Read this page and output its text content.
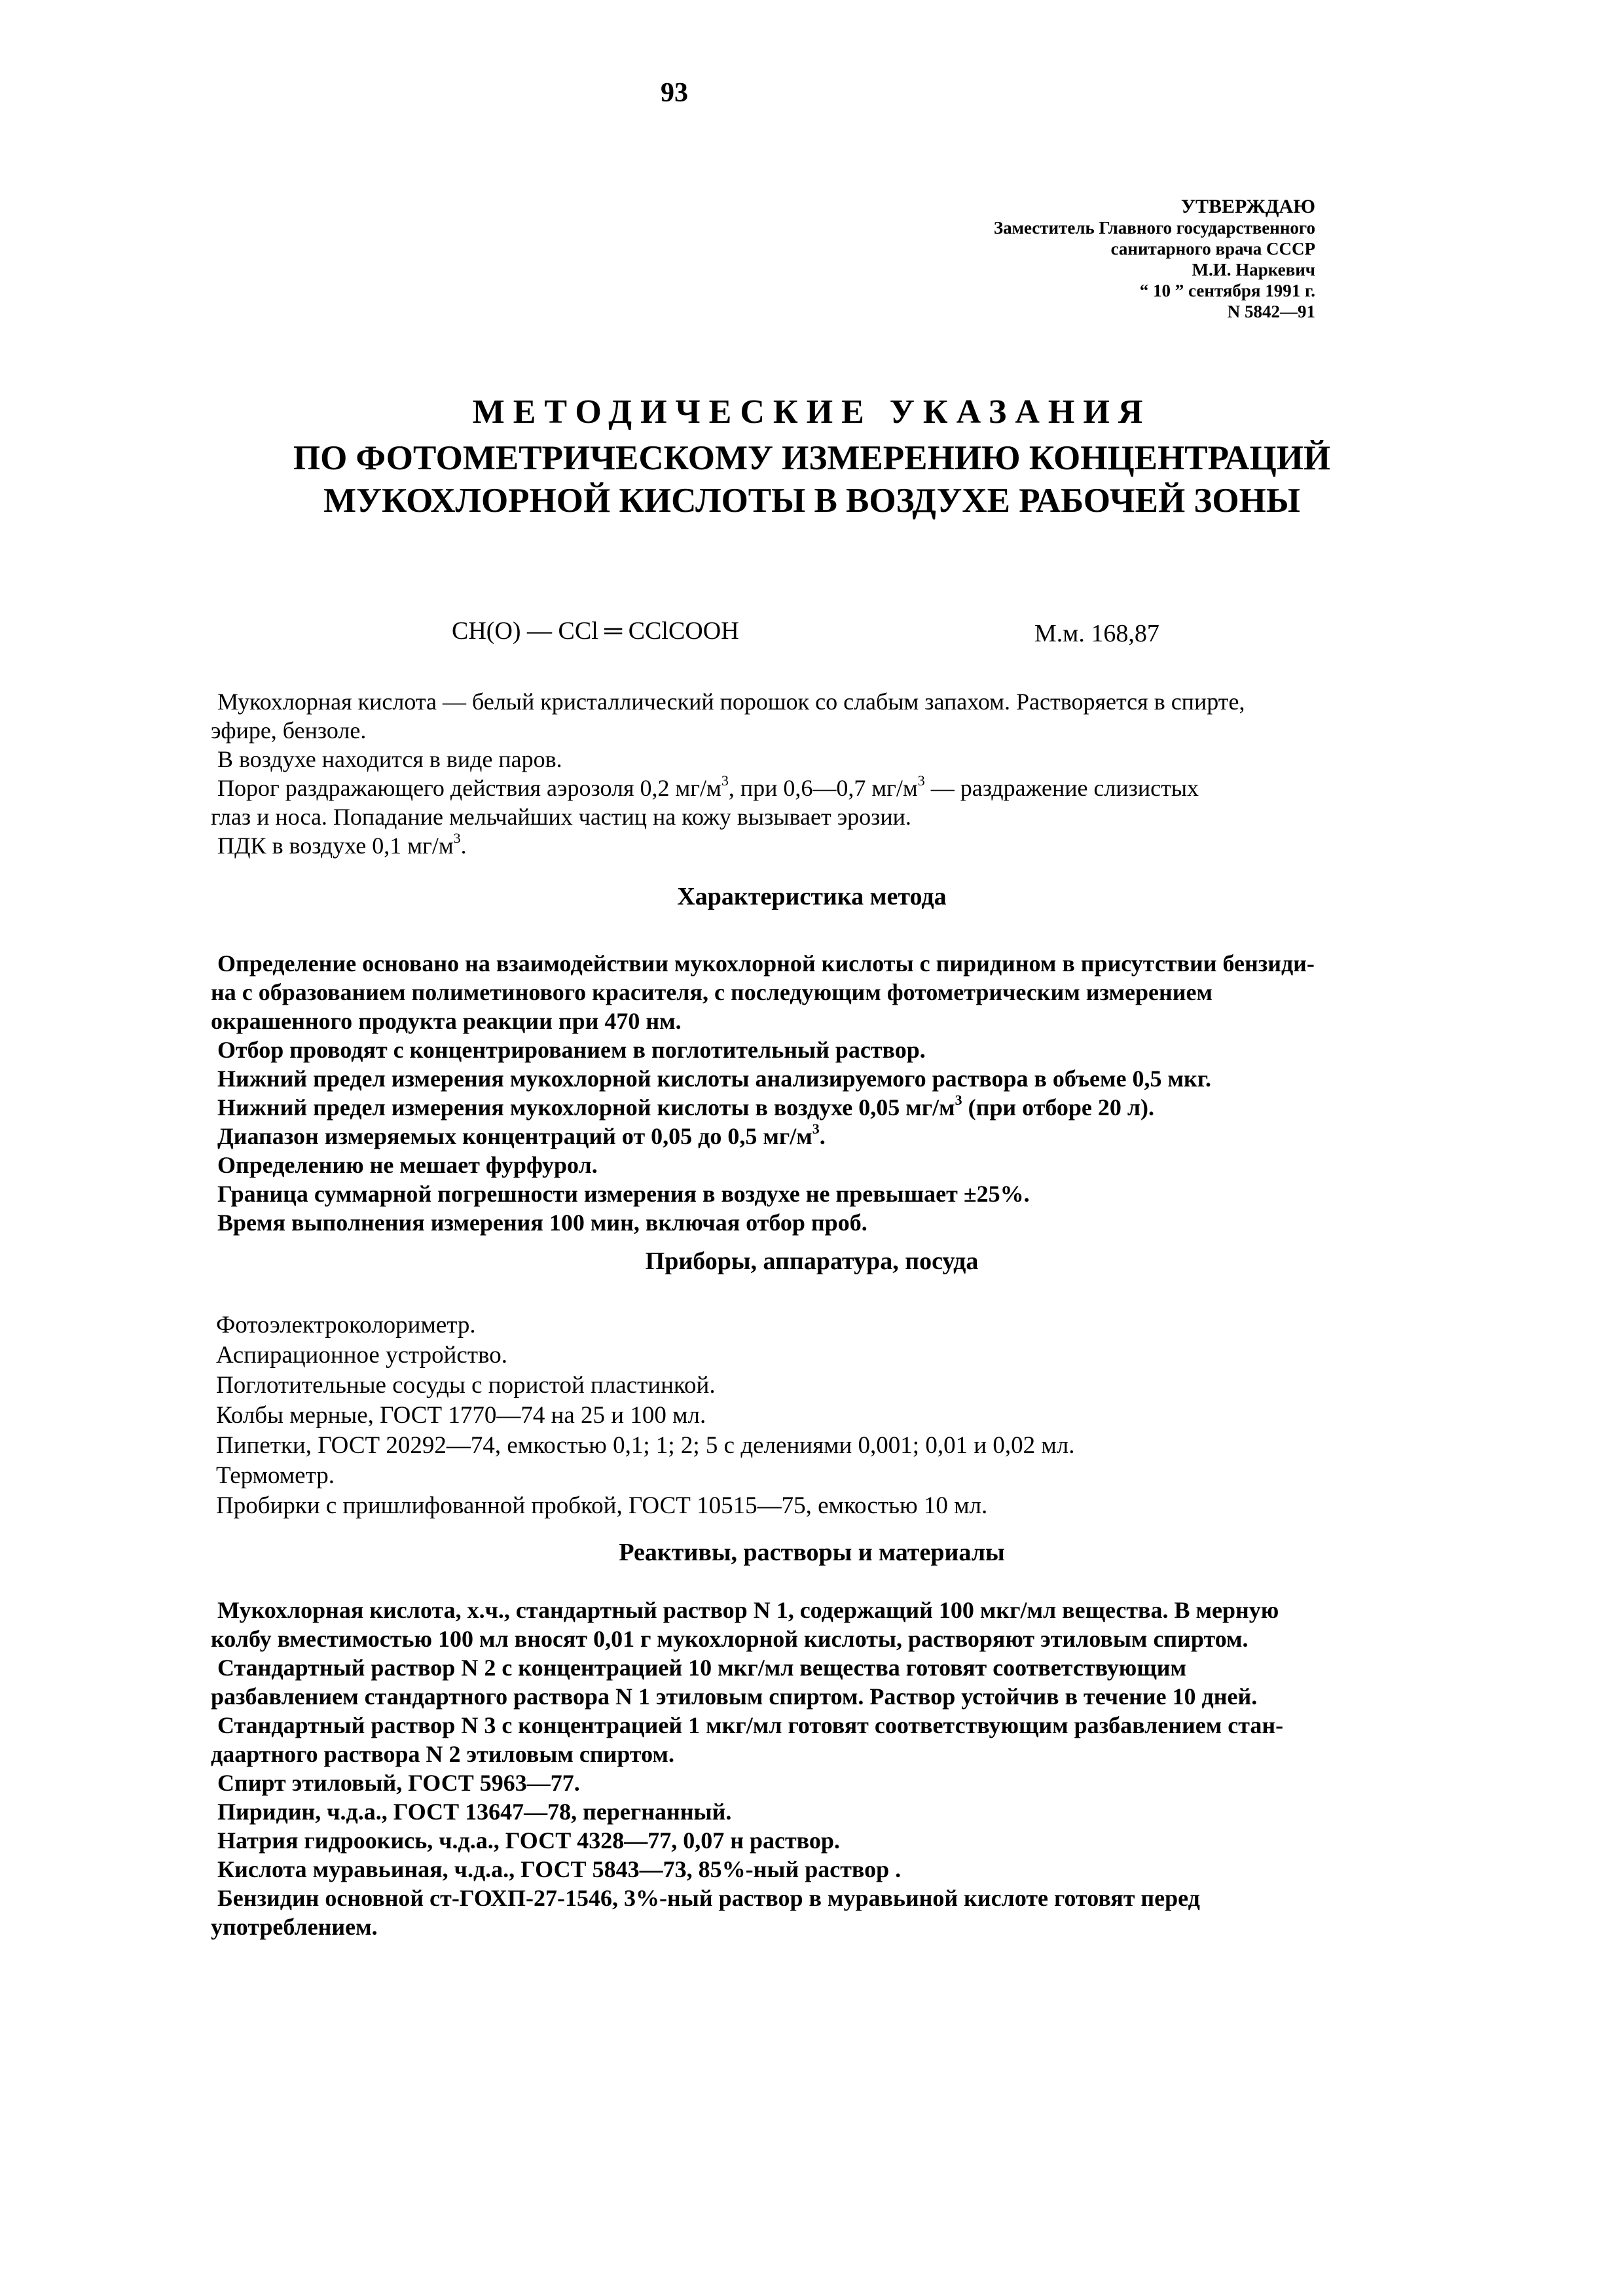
93
УТВЕРЖДАЮ
Заместитель Главного государственного
санитарного врача СССР
М.И. Наркевич
“ 10 ” сентября 1991 г.
N 5842—91
МЕТОДИЧЕСКИЕ УКАЗАНИЯ
ПО ФОТОМЕТРИЧЕСКОМУ ИЗМЕРЕНИЮ КОНЦЕНТРАЦИЙ
МУКОХЛОРНОЙ КИСЛОТЫ В ВОЗДУХЕ РАБОЧЕЙ ЗОНЫ
CH(O) — CCl ═ CClCOOH	М.м. 168,87
Мукохлорная кислота — белый кристаллический порошок со слабым запахом. Растворяется в спирте,
эфире, бензоле.
В воздухе находится в виде паров.
Порог раздражающего действия аэрозоля 0,2 $мг/м^3$, при 0,6—0,7 $мг/м^3$ — раздражение слизистых
глаз и носа. Попадание мельчайших частиц на кожу вызывает эрозии.
ПДК в воздухе 0,1 $мг/м^3$.
Характеристика метода
Определение основано на взаимодействии мукохлорной кислоты с пиридином в присутствии бензиди-
на с образованием полиметинового красителя, с последующим фотометрическим измерением
окрашенного продукта реакции при 470 нм.
Отбор проводят с концентрированием в поглотительный раствор.
Нижний предел измерения мукохлорной кислоты анализируемого раствора в объеме 0,5 мкг.
Нижний предел измерения мукохлорной кислоты в воздухе 0,05 $мг/м^3$ (при отборе 20 л).
Диапазон измеряемых концентраций от 0,05 до 0,5 $мг/м^3$.
Определению не мешает фурфурол.
Граница суммарной погрешности измерения в воздухе не превышает ±25%.
Время выполнения измерения 100 мин, включая отбор проб.
Приборы, аппаратура, посуда
Фотоэлектроколориметр.
Аспирационное устройство.
Поглотительные сосуды с пористой пластинкой.
Колбы мерные, ГОСТ 1770—74 на 25 и 100 мл.
Пипетки, ГОСТ 20292—74, емкостью 0,1; 1; 2; 5 с делениями 0,001; 0,01 и 0,02 мл.
Термометр.
Пробирки с пришлифованной пробкой, ГОСТ 10515—75, емкостью 10 мл.
Реактивы, растворы и материалы
Мукохлорная кислота, х.ч., стандартный раствор N 1, содержащий 100 мкг/мл вещества. В мерную
колбу вместимостью 100 мл вносят 0,01 г мукохлорной кислоты, растворяют этиловым спиртом.
Стандартный раствор N 2 с концентрацией 10 мкг/мл вещества готовят соответствующим
разбавлением стандартного раствора N 1 этиловым спиртом. Раствор устойчив в течение 10 дней.
Стандартный раствор N 3 с концентрацией 1 мкг/мл готовят соответствующим разбавлением стан-
даартного раствора N 2 этиловым спиртом.
Спирт этиловый, ГОСТ 5963—77.
Пиридин, ч.д.а., ГОСТ 13647—78, перегнанный.
Натрия гидроокись, ч.д.а., ГОСТ 4328—77, 0,07 н раствор.
Кислота муравьиная, ч.д.а., ГОСТ 5843—73, 85%-ный раствор .
Бензидин основной ст-ГОХП-27-1546, 3%-ный раствор в муравьиной кислоте готовят перед
употреблением.
